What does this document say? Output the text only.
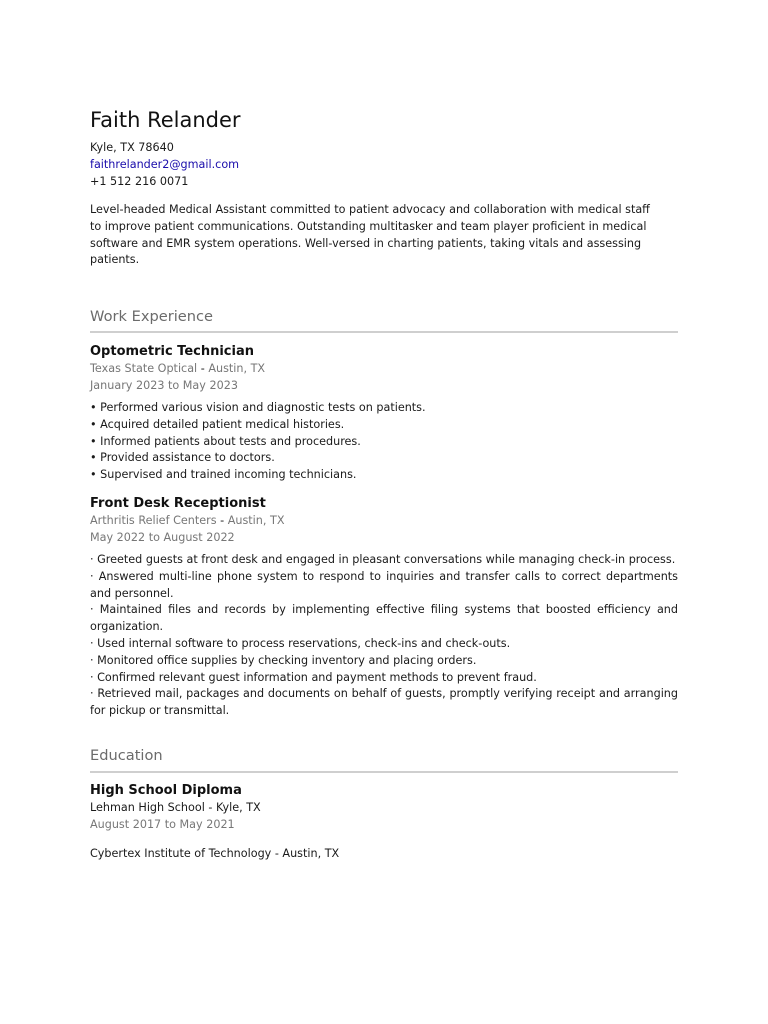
Faith Relander
Kyle, TX 78640
faithrelander2@gmail.com
+1 512 216 0071
Level-headed Medical Assistant committed to patient advocacy and collaboration with medical staff to improve patient communications. Outstanding multitasker and team player proficient in medical software and EMR system operations. Well-versed in charting patients, taking vitals and assessing patients.
Work Experience
Optometric Technician
Texas State Optical - Austin, TX
January 2023 to May 2023
• Performed various vision and diagnostic tests on patients.
• Acquired detailed patient medical histories.
• Informed patients about tests and procedures.
• Provided assistance to doctors.
• Supervised and trained incoming technicians.
Front Desk Receptionist
Arthritis Relief Centers - Austin, TX
May 2022 to August 2022
· Greeted guests at front desk and engaged in pleasant conversations while managing check-in process.
· Answered multi-line phone system to respond to inquiries and transfer calls to correct departments and personnel.
· Maintained files and records by implementing effective filing systems that boosted efficiency and organization.
· Used internal software to process reservations, check-ins and check-outs.
· Monitored office supplies by checking inventory and placing orders.
· Confirmed relevant guest information and payment methods to prevent fraud.
· Retrieved mail, packages and documents on behalf of guests, promptly verifying receipt and arranging for pickup or transmittal.
Education
High School Diploma
Lehman High School - Kyle, TX
August 2017 to May 2021
Cybertex Institute of Technology - Austin, TX
